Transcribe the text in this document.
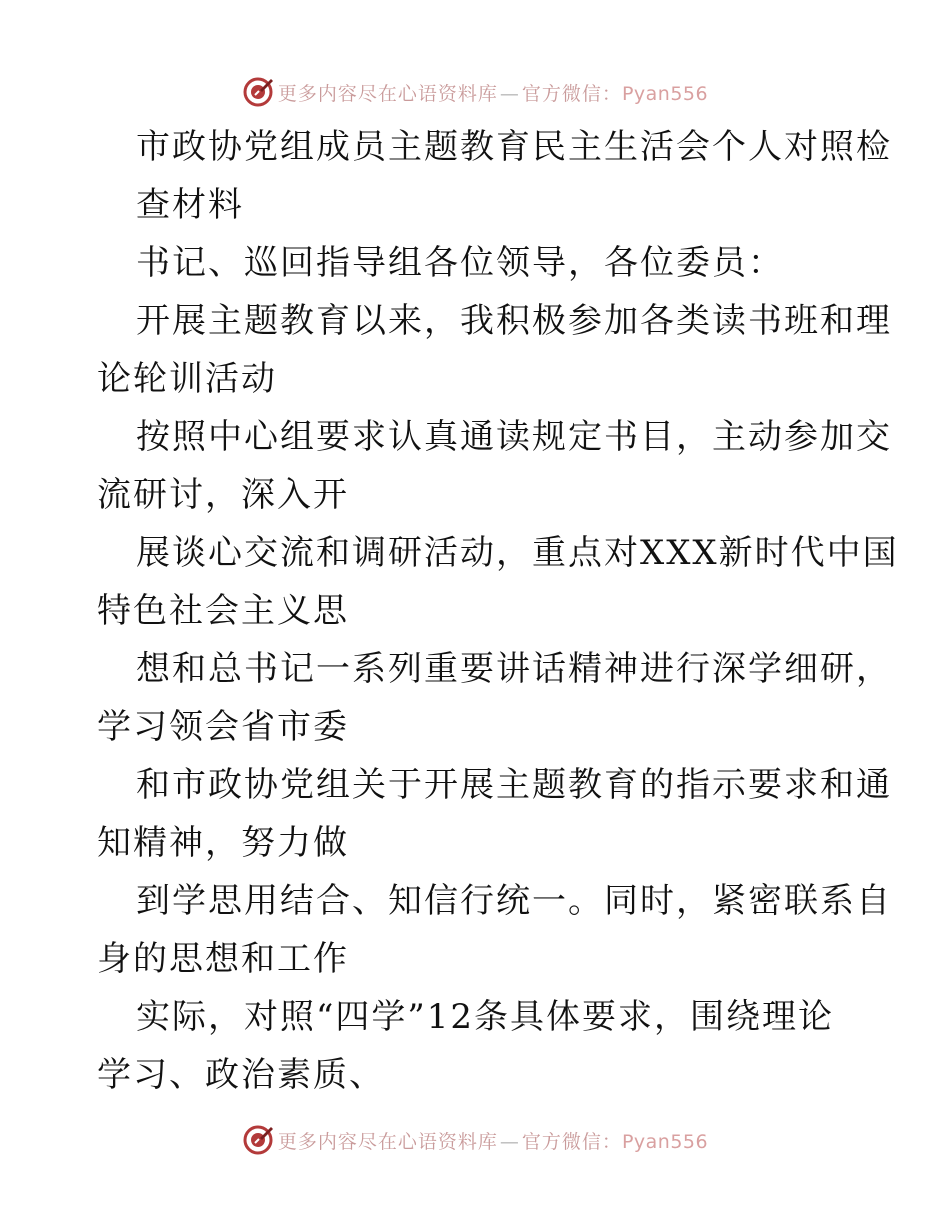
更多内容尽在心语资料库 — 官方微信：Pyan556
市政协党组成员主题教育民主生活会个人对照检
查材料
书记、巡回指导组各位领导，各位委员：
开展主题教育以来，我积极参加各类读书班和理
论轮训活动
按照中心组要求认真通读规定书目，主动参加交
流研讨，深入开
展谈心交流和调研活动，重点对XXX新时代中国
特色社会主义思
想和总书记一系列重要讲话精神进行深学细研，
学习领会省市委
和市政协党组关于开展主题教育的指示要求和通
知精神，努力做
到学思用结合、知信行统一。同时，紧密联系自
身的思想和工作
实际，对照“四学”12条具体要求，围绕理论
学习、政治素质、
更多内容尽在心语资料库 — 官方微信：Pyan556
